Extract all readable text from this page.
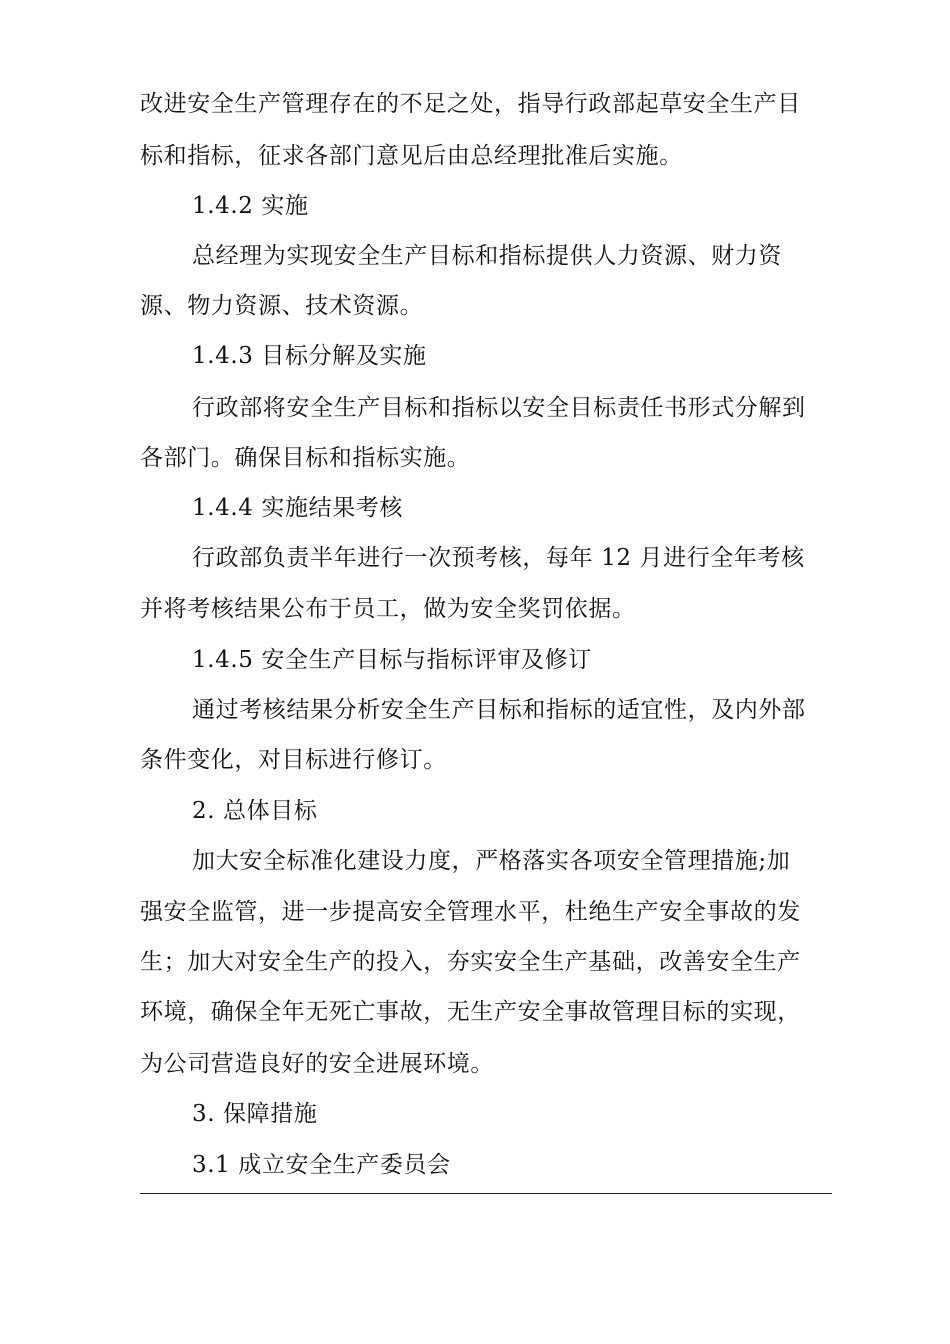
改进安全生产管理存在的不足之处，指导行政部起草安全生产目
标和指标，征求各部门意见后由总经理批准后实施。
1.4.2 实施
总经理为实现安全生产目标和指标提供人力资源、财力资
源、物力资源、技术资源。
1.4.3 目标分解及实施
行政部将安全生产目标和指标以安全目标责任书形式分解到
各部门。确保目标和指标实施。
1.4.4 实施结果考核
行政部负责半年进行一次预考核，每年 12 月进行全年考核
并将考核结果公布于员工，做为安全奖罚依据。
1.4.5 安全生产目标与指标评审及修订
通过考核结果分析安全生产目标和指标的适宜性，及内外部
条件变化，对目标进行修订。
2. 总体目标
加大安全标准化建设力度，严格落实各项安全管理措施;加
强安全监管，进一步提高安全管理水平，杜绝生产安全事故的发
生；加大对安全生产的投入，夯实安全生产基础，改善安全生产
环境，确保全年无死亡事故，无生产安全事故管理目标的实现，
为公司营造良好的安全进展环境。
3. 保障措施
3.1 成立安全生产委员会
